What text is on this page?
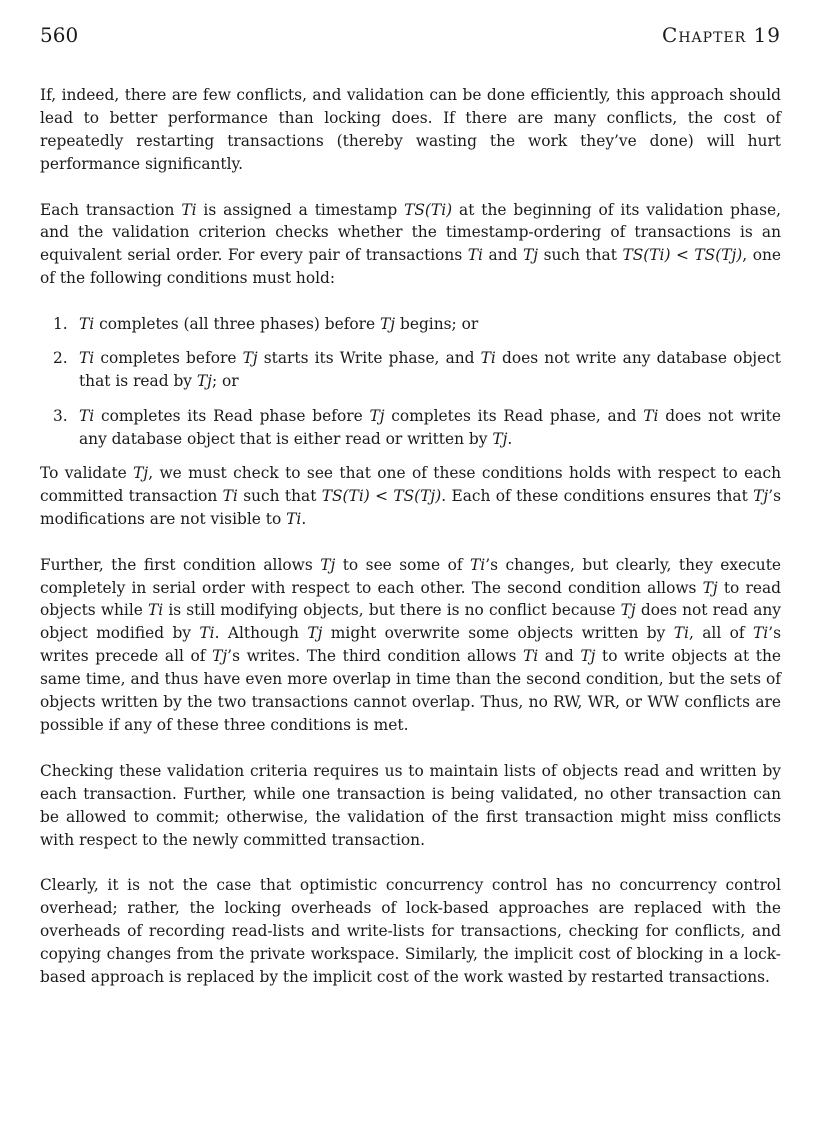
560	Chapter 19

If, indeed, there are few conflicts, and validation can be done efficiently, this approach should lead to better performance than locking does. If there are many conflicts, the cost of repeatedly restarting transactions (thereby wasting the work they’ve done) will hurt performance significantly.

Each transaction Ti is assigned a timestamp TS(Ti) at the beginning of its validation phase, and the validation criterion checks whether the timestamp-ordering of transactions is an equivalent serial order. For every pair of transactions Ti and Tj such that TS(Ti) < TS(Tj), one of the following conditions must hold:

1. Ti completes (all three phases) before Tj begins; or
2. Ti completes before Tj starts its Write phase, and Ti does not write any database object that is read by Tj; or
3. Ti completes its Read phase before Tj completes its Read phase, and Ti does not write any database object that is either read or written by Tj.

To validate Tj, we must check to see that one of these conditions holds with respect to each committed transaction Ti such that TS(Ti) < TS(Tj). Each of these conditions ensures that Tj’s modifications are not visible to Ti.

Further, the first condition allows Tj to see some of Ti’s changes, but clearly, they execute completely in serial order with respect to each other. The second condition allows Tj to read objects while Ti is still modifying objects, but there is no conflict because Tj does not read any object modified by Ti. Although Tj might overwrite some objects written by Ti, all of Ti’s writes precede all of Tj’s writes. The third condition allows Ti and Tj to write objects at the same time, and thus have even more overlap in time than the second condition, but the sets of objects written by the two transactions cannot overlap. Thus, no RW, WR, or WW conflicts are possible if any of these three conditions is met.

Checking these validation criteria requires us to maintain lists of objects read and written by each transaction. Further, while one transaction is being validated, no other transaction can be allowed to commit; otherwise, the validation of the first transaction might miss conflicts with respect to the newly committed transaction.

Clearly, it is not the case that optimistic concurrency control has no concurrency control overhead; rather, the locking overheads of lock-based approaches are replaced with the overheads of recording read-lists and write-lists for transactions, checking for conflicts, and copying changes from the private workspace. Similarly, the implicit cost of blocking in a lock-based approach is replaced by the implicit cost of the work wasted by restarted transactions.
